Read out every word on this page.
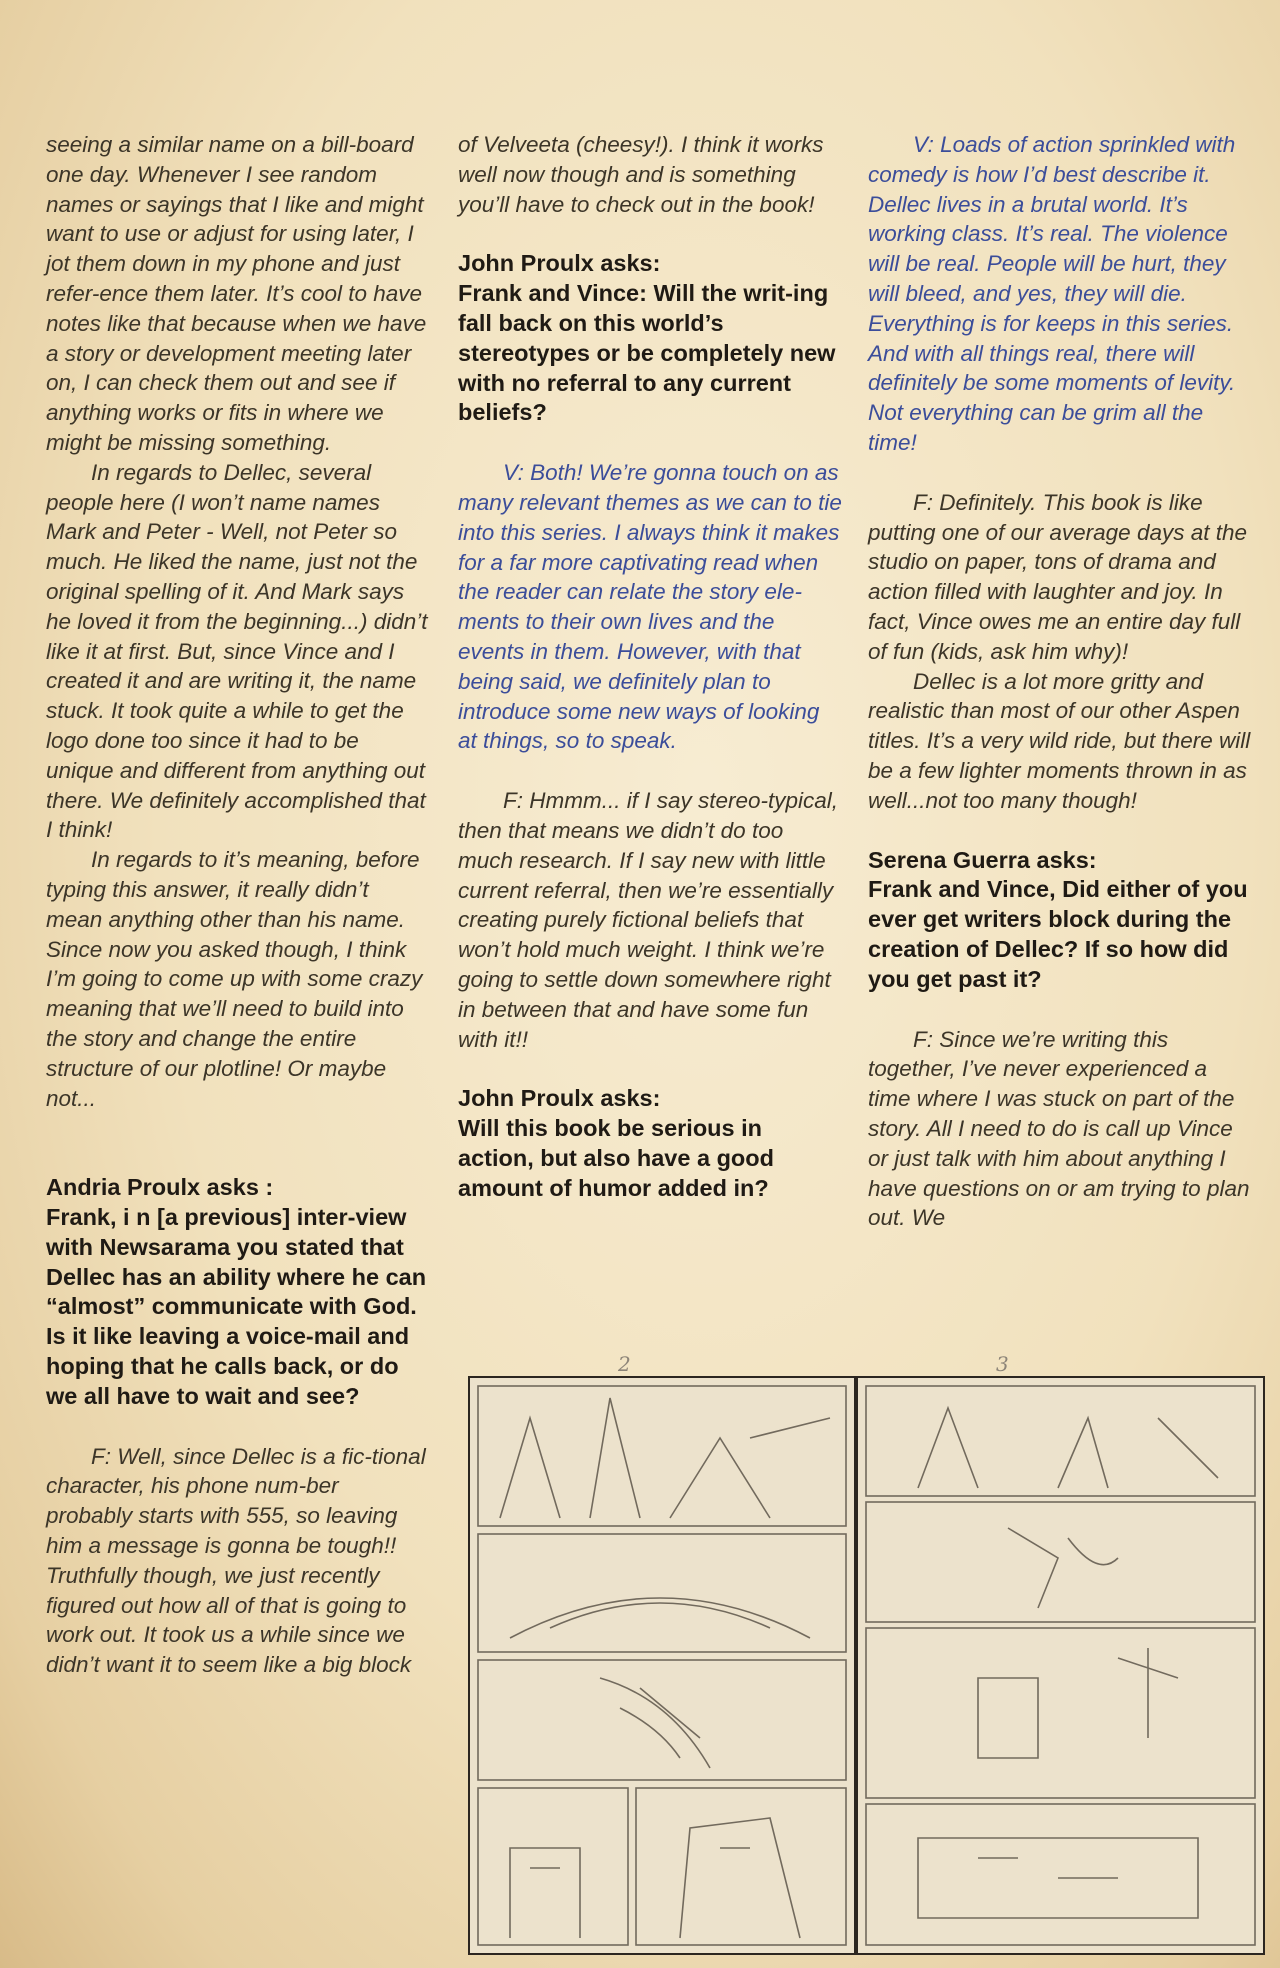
seeing a similar name on a bill-board one day. Whenever I see random names or sayings that I like and might want to use or adjust for using later, I jot them down in my phone and just refer-ence them later. It’s cool to have notes like that because when we have a story or development meeting later on, I can check them out and see if anything works or fits in where we might be missing something.

In regards to Dellec, several people here (I won’t name names Mark and Peter - Well, not Peter so much. He liked the name, just not the original spelling of it. And Mark says he loved it from the beginning...) didn’t like it at first. But, since Vince and I created it and are writing it, the name stuck. It took quite a while to get the logo done too since it had to be unique and different from anything out there. We definitely accomplished that I think!

In regards to it’s meaning, before typing this answer, it really didn’t mean anything other than his name. Since now you asked though, I think I’m going to come up with some crazy meaning that we’ll need to build into the story and change the entire structure of our plotline! Or maybe not...

Andria Proulx asks :
Frank, i n [a previous] inter-view with Newsarama you stated that Dellec has an ability where he can “almost” communicate with God. Is it like leaving a voice-mail and hoping that he calls back, or do we all have to wait and see?

F: Well, since Dellec is a fic-tional character, his phone num-ber probably starts with 555, so leaving him a message is gonna be tough!! Truthfully though, we just recently figured out how all of that is going to work out. It took us a while since we didn’t want it to seem like a big block

of Velveeta (cheesy!). I think it works well now though and is something you’ll have to check out in the book!

John Proulx asks:
Frank and Vince: Will the writ-ing fall back on this world’s stereotypes or be completely new with no referral to any current beliefs?

V: Both! We’re gonna touch on as many relevant themes as we can to tie into this series. I always think it makes for a far more captivating read when the reader can relate the story ele-ments to their own lives and the events in them. However, with that being said, we definitely plan to introduce some new ways of looking at things, so to speak.

F: Hmmm... if I say stereo-typical, then that means we didn’t do too much research. If I say new with little current referral, then we’re essentially creating purely fictional beliefs that won’t hold much weight. I think we’re going to settle down somewhere right in between that and have some fun with it!!

John Proulx asks:
Will this book be serious in action, but also have a good amount of humor added in?

V: Loads of action sprinkled with comedy is how I’d best describe it. Dellec lives in a brutal world. It’s working class. It’s real. The violence will be real. People will be hurt, they will bleed, and yes, they will die. Everything is for keeps in this series. And with all things real, there will definitely be some moments of levity. Not everything can be grim all the time!

F: Definitely. This book is like putting one of our average days at the studio on paper, tons of drama and action filled with laughter and joy. In fact, Vince owes me an entire day full of fun (kids, ask him why)!

Dellec is a lot more gritty and realistic than most of our other Aspen titles. It’s a very wild ride, but there will be a few lighter moments thrown in as well...not too many though!

Serena Guerra asks:
Frank and Vince, Did either of you ever get writers block during the creation of Dellec? If so how did you get past it?

F: Since we’re writing this together, I’ve never experienced a time where I was stuck on part of the story. All I need to do is call up Vince or just talk with him about anything I have questions on or am trying to plan out. We

2	3
